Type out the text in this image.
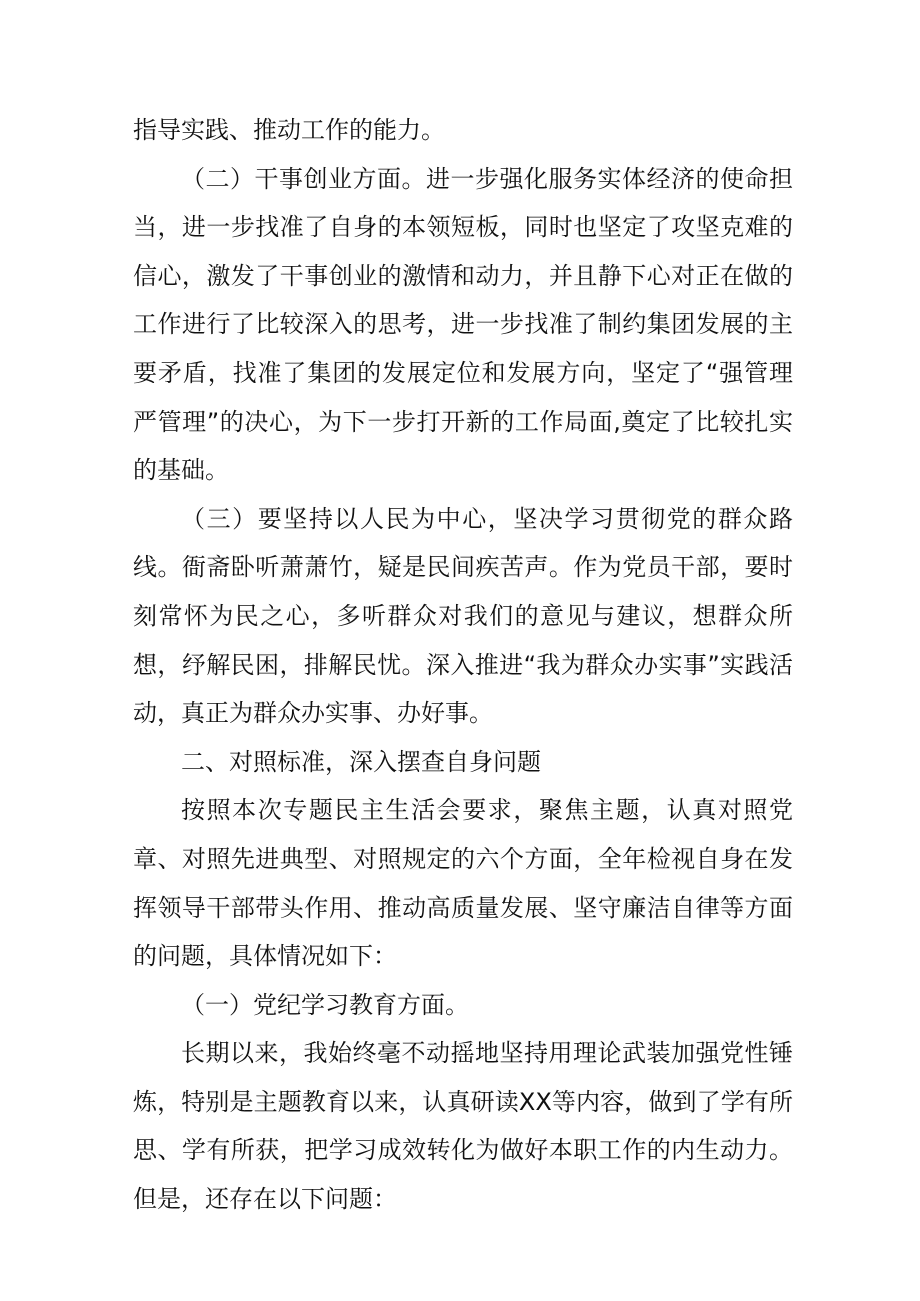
指导实践、推动工作的能力。

（二）干事创业方面。进一步强化服务实体经济的使命担当，进一步找准了自身的本领短板，同时也坚定了攻坚克难的信心，激发了干事创业的激情和动力，并且静下心对正在做的工作进行了比较深入的思考，进一步找准了制约集团发展的主要矛盾，找准了集团的发展定位和发展方向，坚定了“强管理严管理”的决心，为下一步打开新的工作局面,奠定了比较扎实的基础。

（三）要坚持以人民为中心，坚决学习贯彻党的群众路线。衙斋卧听萧萧竹，疑是民间疾苦声。作为党员干部，要时刻常怀为民之心，多听群众对我们的意见与建议，想群众所想，纾解民困，排解民忧。深入推进“我为群众办实事”实践活动，真正为群众办实事、办好事。

二、对照标准，深入摆查自身问题

按照本次专题民主生活会要求，聚焦主题，认真对照党章、对照先进典型、对照规定的六个方面，全年检视自身在发挥领导干部带头作用、推动高质量发展、坚守廉洁自律等方面的问题，具体情况如下：

（一）党纪学习教育方面。

长期以来，我始终毫不动摇地坚持用理论武装加强党性锤炼，特别是主题教育以来，认真研读XX等内容，做到了学有所思、学有所获，把学习成效转化为做好本职工作的内生动力。但是，还存在以下问题：
